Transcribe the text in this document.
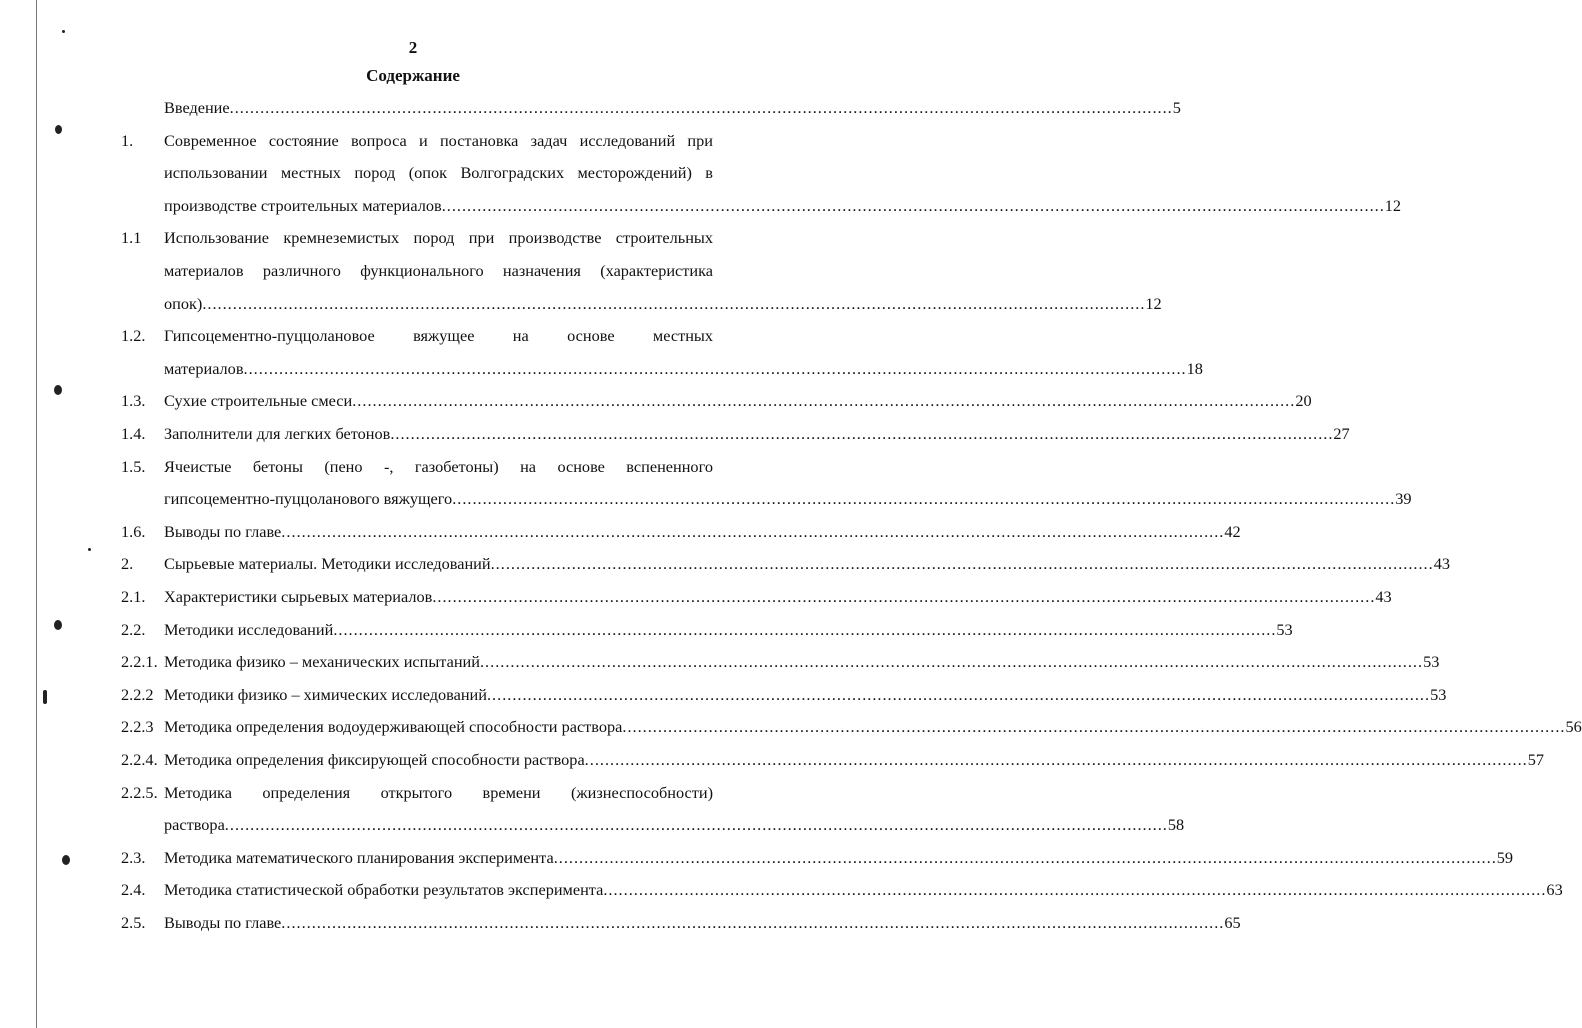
2
Содержание
Введение .......................................................................................................................................................................................... 5
1. Современное состояние вопроса и постановка задач исследований при
использовании местных пород (опок Волгоградских месторождений) в
производстве строительных материалов .......................................................................................................................................................................................... 12
1.1 Использование кремнеземистых пород при производстве строительных
материалов различного функционального назначения (характеристика
опок) .......................................................................................................................................................................................... 12
1.2. Гипсоцементно-пуццолановое вяжущее на основе местных
материалов .......................................................................................................................................................................................... 18
1.3. Сухие строительные смеси .......................................................................................................................................................................................... 20
1.4. Заполнители для легких бетонов .......................................................................................................................................................................................... 27
1.5. Ячеистые бетоны (пено -, газобетоны) на основе вспененного
гипсоцементно-пуццоланового вяжущего .......................................................................................................................................................................................... 39
1.6. Выводы по главе .......................................................................................................................................................................................... 42
2. Сырьевые материалы. Методики исследований .......................................................................................................................................................................................... 43
2.1. Характеристики сырьевых материалов .......................................................................................................................................................................................... 43
2.2. Методики исследований .......................................................................................................................................................................................... 53
2.2.1. Методика физико – механических испытаний .......................................................................................................................................................................................... 53
2.2.2 Методики физико – химических исследований .......................................................................................................................................................................................... 53
2.2.3 Методика определения водоудерживающей способности раствора .......................................................................................................................................................................................... 56
2.2.4. Методика определения фиксирующей способности раствора .......................................................................................................................................................................................... 57
2.2.5. Методика определения открытого времени (жизнеспособности)
раствора .......................................................................................................................................................................................... 58
2.3. Методика математического планирования эксперимента .......................................................................................................................................................................................... 59
2.4. Методика статистической обработки результатов эксперимента .......................................................................................................................................................................................... 63
2.5. Выводы по главе .......................................................................................................................................................................................... 65
